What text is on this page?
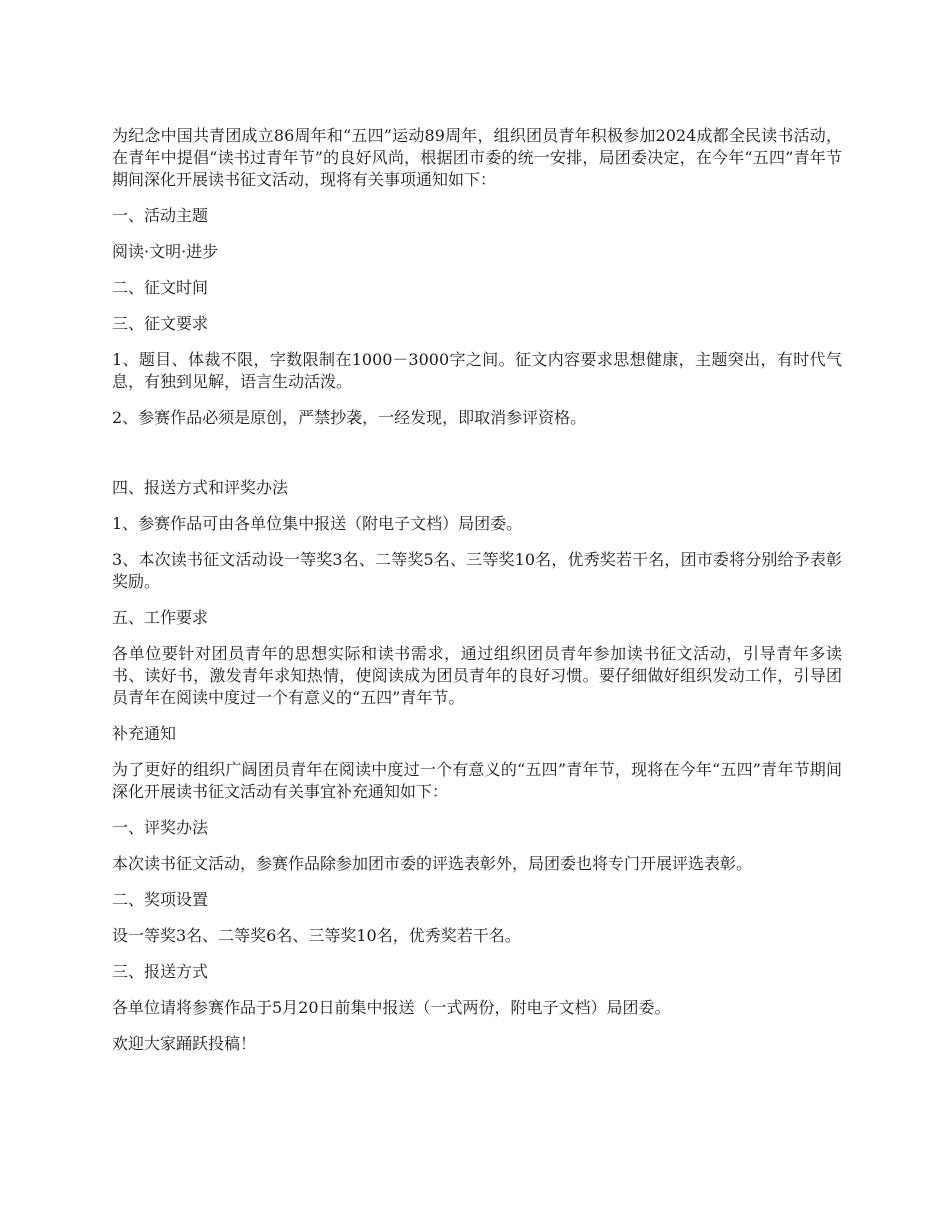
为纪念中国共青团成立86周年和“五四”运动89周年，组织团员青年积极参加2024成都全民读书活动，在青年中提倡“读书过青年节”的良好风尚，根据团市委的统一安排，局团委决定，在今年“五四”青年节期间深化开展读书征文活动，现将有关事项通知如下：

一、活动主题

阅读·文明·进步

二、征文时间

三、征文要求

1、题目、体裁不限，字数限制在1000－3000字之间。征文内容要求思想健康，主题突出，有时代气息，有独到见解，语言生动活泼。

2、参赛作品必须是原创，严禁抄袭，一经发现，即取消参评资格。

四、报送方式和评奖办法

1、参赛作品可由各单位集中报送（附电子文档）局团委。

3、本次读书征文活动设一等奖3名、二等奖5名、三等奖10名，优秀奖若干名，团市委将分别给予表彰奖励。

五、工作要求

各单位要针对团员青年的思想实际和读书需求，通过组织团员青年参加读书征文活动，引导青年多读书、读好书，激发青年求知热情，使阅读成为团员青年的良好习惯。要仔细做好组织发动工作，引导团员青年在阅读中度过一个有意义的“五四”青年节。

补充通知

为了更好的组织广阔团员青年在阅读中度过一个有意义的“五四”青年节，现将在今年“五四”青年节期间深化开展读书征文活动有关事宜补充通知如下：

一、评奖办法

本次读书征文活动，参赛作品除参加团市委的评选表彰外，局团委也将专门开展评选表彰。

二、奖项设置

设一等奖3名、二等奖6名、三等奖10名，优秀奖若干名。

三、报送方式

各单位请将参赛作品于5月20日前集中报送（一式两份，附电子文档）局团委。

欢迎大家踊跃投稿！
